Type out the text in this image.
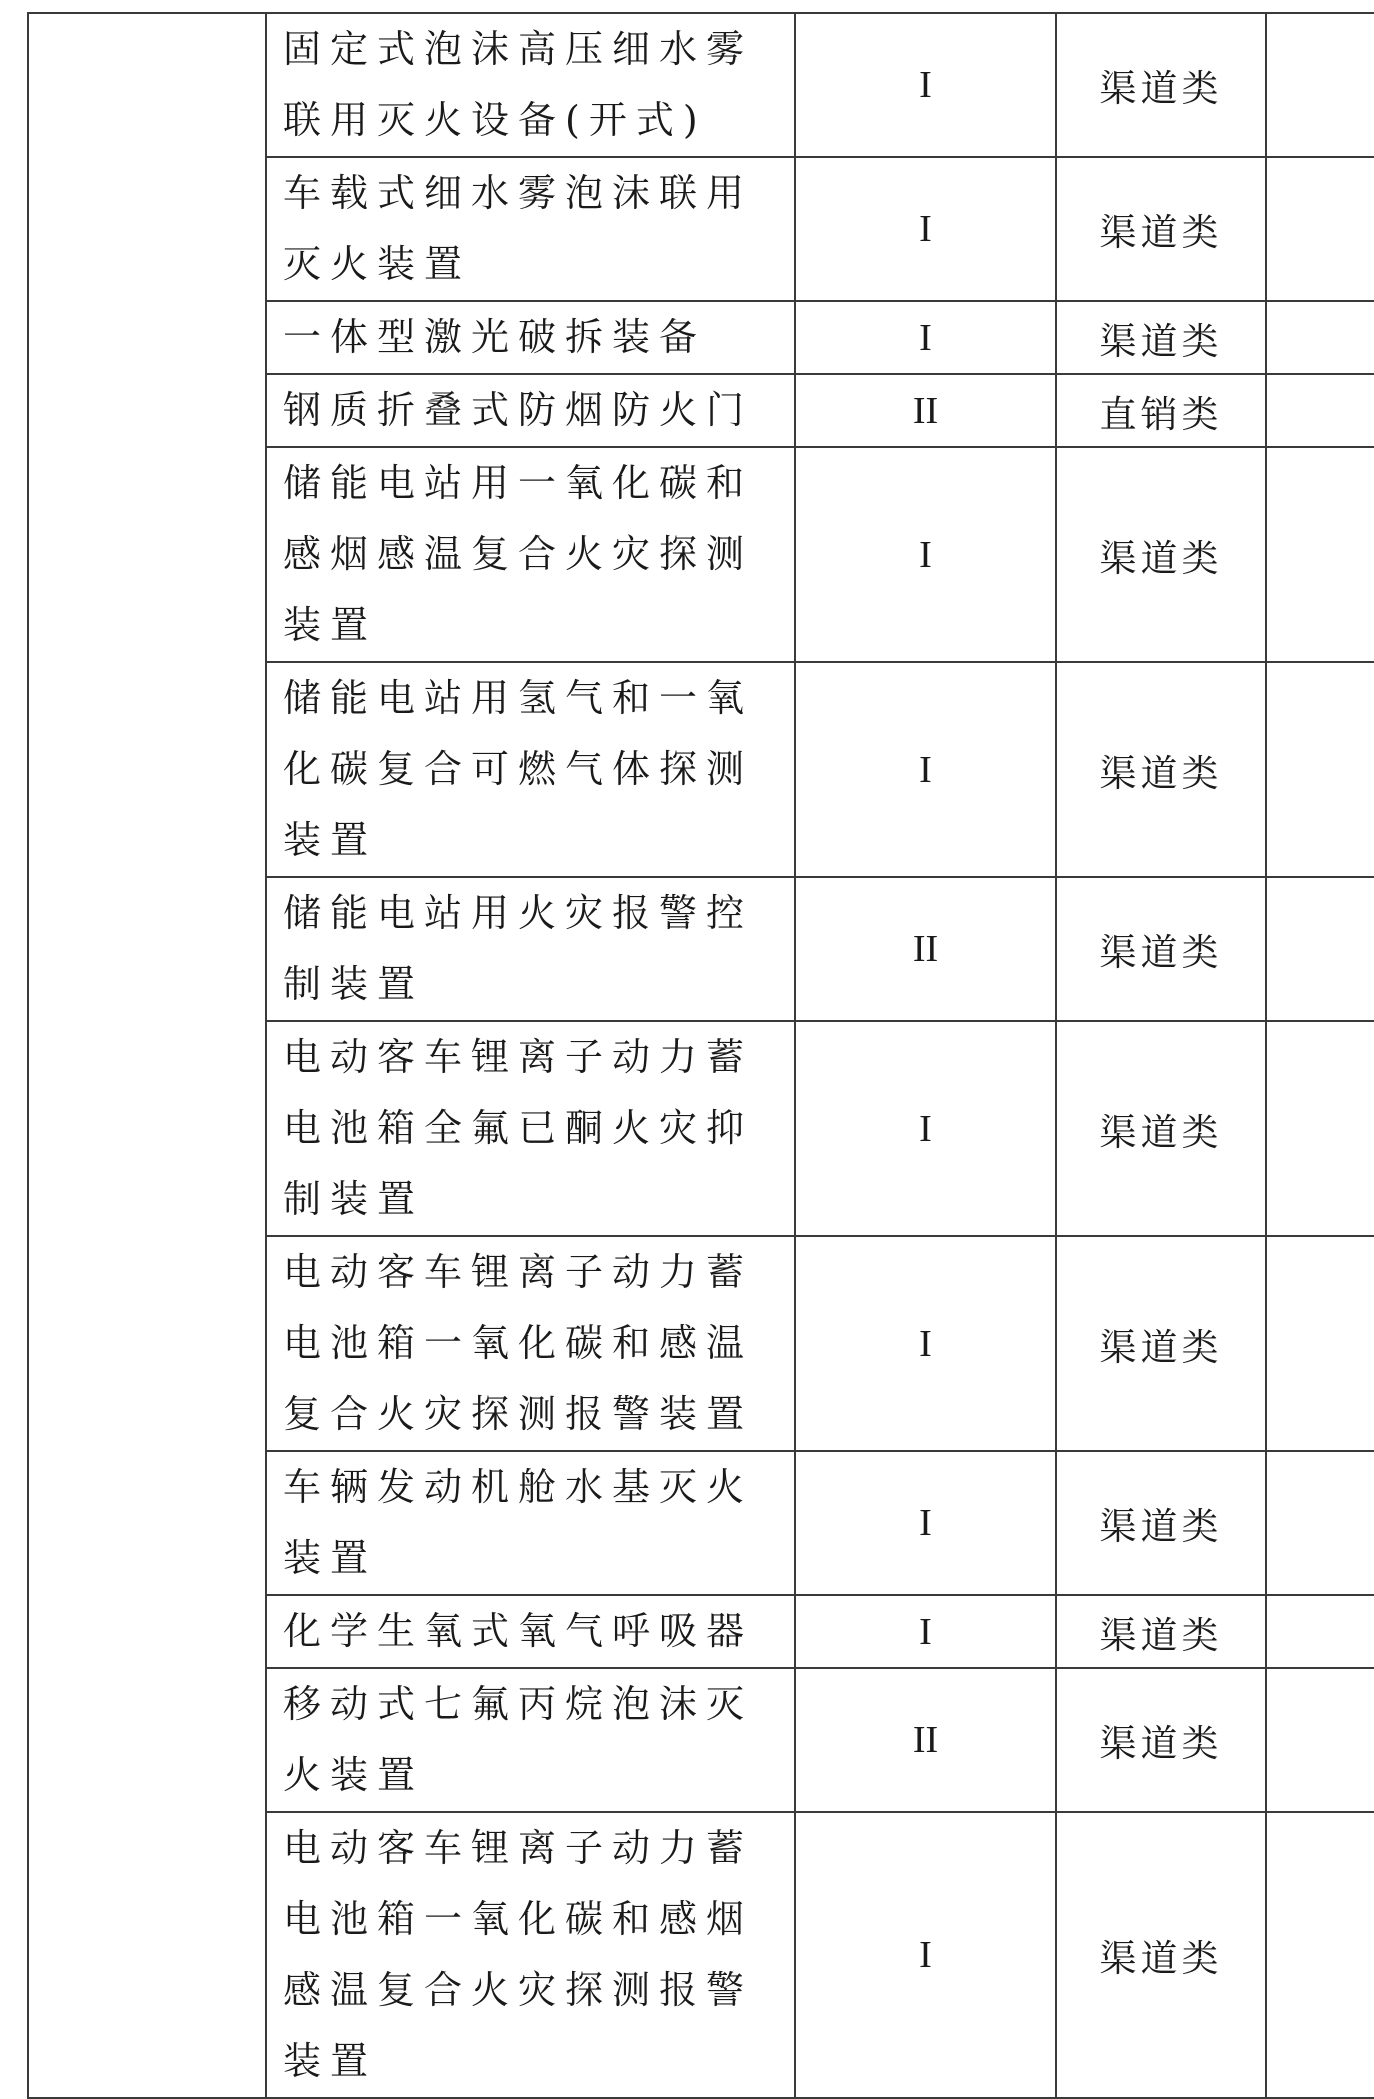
	固定式泡沫高压细水雾联用灭火设备(开式)	I	渠道类	

	车载式细水雾泡沫联用灭火装置	I	渠道类	

	一体型激光破拆装备	I	渠道类	

	钢质折叠式防烟防火门	II	直销类	

	储能电站用一氧化碳和感烟感温复合火灾探测装置	I	渠道类	

	储能电站用氢气和一氧化碳复合可燃气体探测装置	I	渠道类	

	储能电站用火灾报警控制装置	II	渠道类	

	电动客车锂离子动力蓄电池箱全氟已酮火灾抑制装置	I	渠道类	

	电动客车锂离子动力蓄电池箱一氧化碳和感温复合火灾探测报警装置	I	渠道类	

	车辆发动机舱水基灭火装置	I	渠道类	

	化学生氧式氧气呼吸器	I	渠道类	

	移动式七氟丙烷泡沫灭火装置	II	渠道类	

	电动客车锂离子动力蓄电池箱一氧化碳和感烟感温复合火灾探测报警装置	I	渠道类	
